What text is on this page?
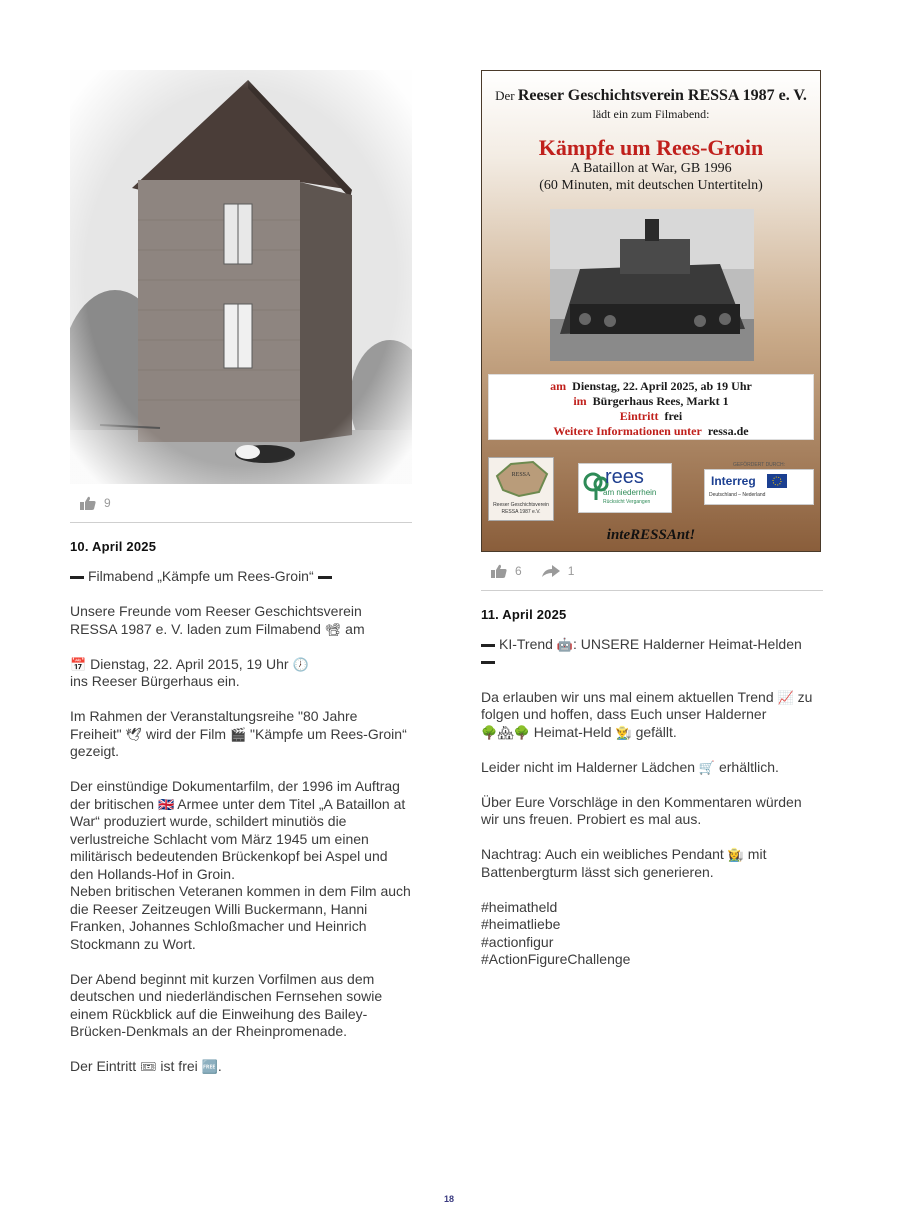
9
10. April 2025

Filmabend „Kämpfe um Rees-Groin“

Unsere Freunde vom Reeser Geschichtsverein RESSA 1987 e. V. laden zum Filmabend 📽 am

📅 Dienstag, 22. April 2015, 19 Uhr 🕖
ins Reeser Bürgerhaus ein.

Im Rahmen der Veranstaltungsreihe "80 Jahre Freiheit" 🕊 wird der Film 🎬 "Kämpfe um Rees-Groin“ gezeigt.

Der einstündige Dokumentarfilm, der 1996 im Auftrag der britischen 🇬🇧 Armee unter dem Titel „A Bataillon at War“ produziert wurde, schildert minutiös die verlustreiche Schlacht vom März 1945 um einen militärisch bedeutenden Brückenkopf bei Aspel und den Hollands-Hof in Groin.
Neben britischen Veteranen kommen in dem Film auch die Reeser Zeitzeugen Willi Buckermann, Hanni Franken, Johannes Schloßmacher und Heinrich Stockmann zu Wort.

Der Abend beginnt mit kurzen Vorfilmen aus dem deutschen und niederländischen Fernsehen sowie einem Rückblick auf die Einweihung des Bailey-Brücken-Denkmals an der Rheinpromenade.

Der Eintritt 🎟 ist frei 🆓.

Der Reeser Geschichtsverein RESSA 1987 e. V.
lädt ein zum Filmabend:
Kämpfe um Rees-Groin
A Bataillon at War, GB 1996
(60 Minuten, mit deutschen Untertiteln)
am Dienstag, 22. April 2025, ab 19 Uhr
im Bürgerhaus Rees, Markt 1
Eintritt frei
Weitere Informationen unter ressa.de
RESSA
Reeser Geschichtsverein
RESSA 1987 e.V.
rees
am niederrhein
Rücksicht Vergangen
GEFÖRDERT DURCH:
Interreg
Deutschland – Nederland
inteRESSAnt!
6	1
11. April 2025

KI-Trend 🤖: UNSERE Halderner Heimat-Helden

Da erlauben wir uns mal einem aktuellen Trend 📈 zu folgen und hoffen, dass Euch unser Halderner
🌳🏘🌳 Heimat-Held 👨‍🌾 gefällt.

Leider nicht im Halderner Lädchen 🛒 erhältlich.

Über Eure Vorschläge in den Kommentaren würden wir uns freuen. Probiert es mal aus.

Nachtrag: Auch ein weibliches Pendant 👩‍🌾 mit Battenbergturm lässt sich generieren.

#heimatheld
#heimatliebe
#actionfigur
#ActionFigureChallenge

18
